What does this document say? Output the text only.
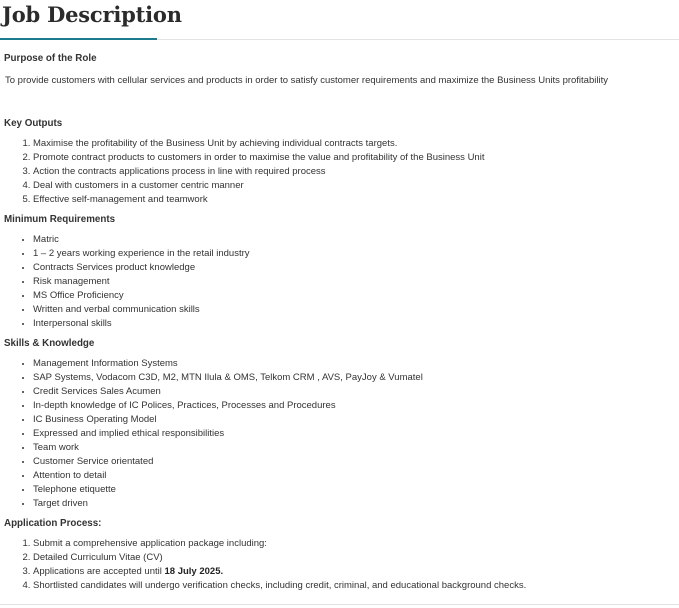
Job Description
Purpose of the Role
To provide customers with cellular services and products in order to satisfy customer requirements and maximize the Business Units profitability
Key Outputs
1. Maximise the profitability of the Business Unit by achieving individual contracts targets.
2. Promote contract products to customers in order to maximise the value and profitability of the Business Unit
3. Action the contracts applications process in line with required process
4. Deal with customers in a customer centric manner
5. Effective self-management and teamwork
Minimum Requirements
• Matric
• 1 – 2 years working experience in the retail industry
• Contracts Services product knowledge
• Risk management
• MS Office Proficiency
• Written and verbal communication skills
• Interpersonal skills
Skills & Knowledge
• Management Information Systems
• SAP Systems, Vodacom C3D, M2, MTN Ilula & OMS, Telkom CRM , AVS, PayJoy & Vumatel
• Credit Services Sales Acumen
• In-depth knowledge of IC Polices, Practices, Processes and Procedures
• IC Business Operating Model
• Expressed and implied ethical responsibilities
• Team work
• Customer Service orientated
• Attention to detail
• Telephone etiquette
• Target driven
Application Process:
1. Submit a comprehensive application package including:
2. Detailed Curriculum Vitae (CV)
3. Applications are accepted until 18 July 2025.
4. Shortlisted candidates will undergo verification checks, including credit, criminal, and educational background checks.
